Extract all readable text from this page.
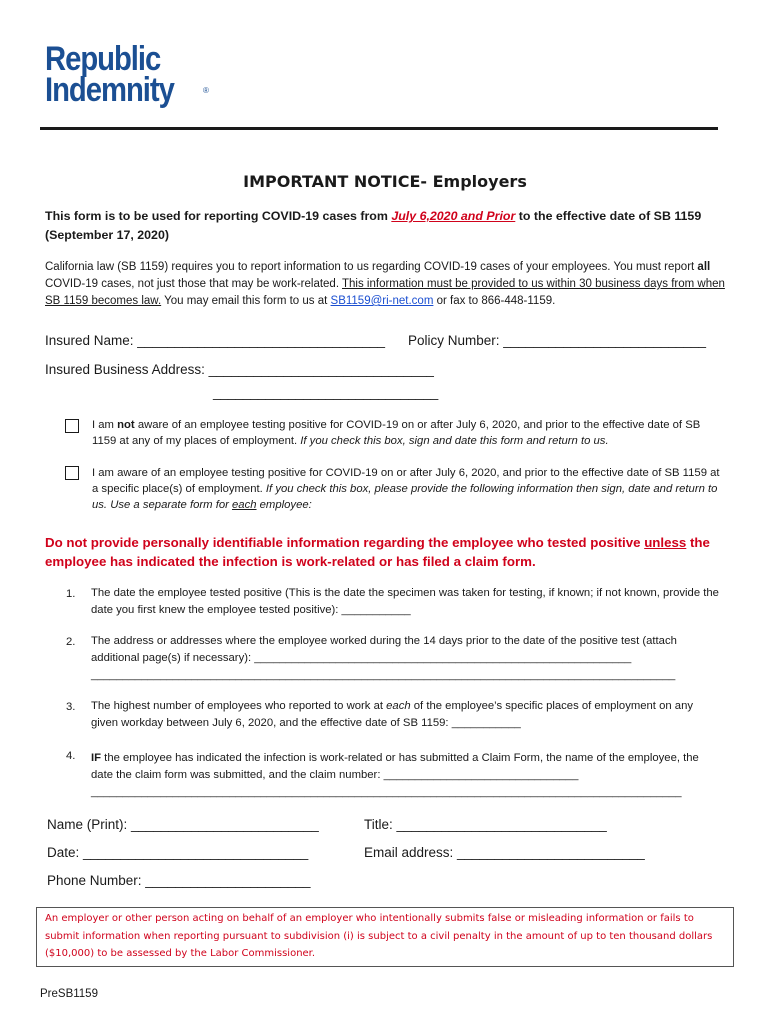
Republic
Indemnity	®
IMPORTANT NOTICE- Employers
This form is to be used for reporting COVID-19 cases from July 6,2020 and Prior to the effective date of SB 1159 (September 17, 2020)
California law (SB 1159) requires you to report information to us regarding COVID-19 cases of your employees. You must report all COVID-19 cases, not just those that may be work-related. This information must be provided to us within 30 business days from when SB 1159 becomes law. You may email this form to us at SB1159@ri-net.com or fax to 866-448-1159.
Insured Name: _________________________________ Policy Number: ___________________________
Insured Business Address: ______________________________
______________________________
I am not aware of an employee testing positive for COVID-19 on or after July 6, 2020, and prior to the effective date of SB 1159 at any of my places of employment. If you check this box, sign and date this form and return to us.
I am aware of an employee testing positive for COVID-19 on or after July 6, 2020, and prior to the effective date of SB 1159 at a specific place(s) of employment. If you check this box, please provide the following information then sign, date and return to us. Use a separate form for each employee:
Do not provide personally identifiable information regarding the employee who tested positive unless the employee has indicated the infection is work-related or has filed a claim form.
1. The date the employee tested positive (This is the date the specimen was taken for testing, if known; if not known, provide the date you first knew the employee tested positive): ___________
2. The address or addresses where the employee worked during the 14 days prior to the date of the positive test (attach additional page(s) if necessary): ____________________________________________________________
_____________________________________________________________________________________________
3. The highest number of employees who reported to work at each of the employee’s specific places of employment on any given workday between July 6, 2020, and the effective date of SB 1159: ___________
4. IF the employee has indicated the infection is work-related or has submitted a Claim Form, the name of the employee, the date the claim form was submitted, and the claim number: _______________________________
______________________________________________________________________________________________
Name (Print): _________________________	Title: ____________________________
Date: ______________________________	Email address: _________________________
Phone Number: ______________________
An employer or other person acting on behalf of an employer who intentionally submits false or misleading information or fails to submit information when reporting pursuant to subdivision (i) is subject to a civil penalty in the amount of up to ten thousand dollars ($10,000) to be assessed by the Labor Commissioner.
PreSB1159
